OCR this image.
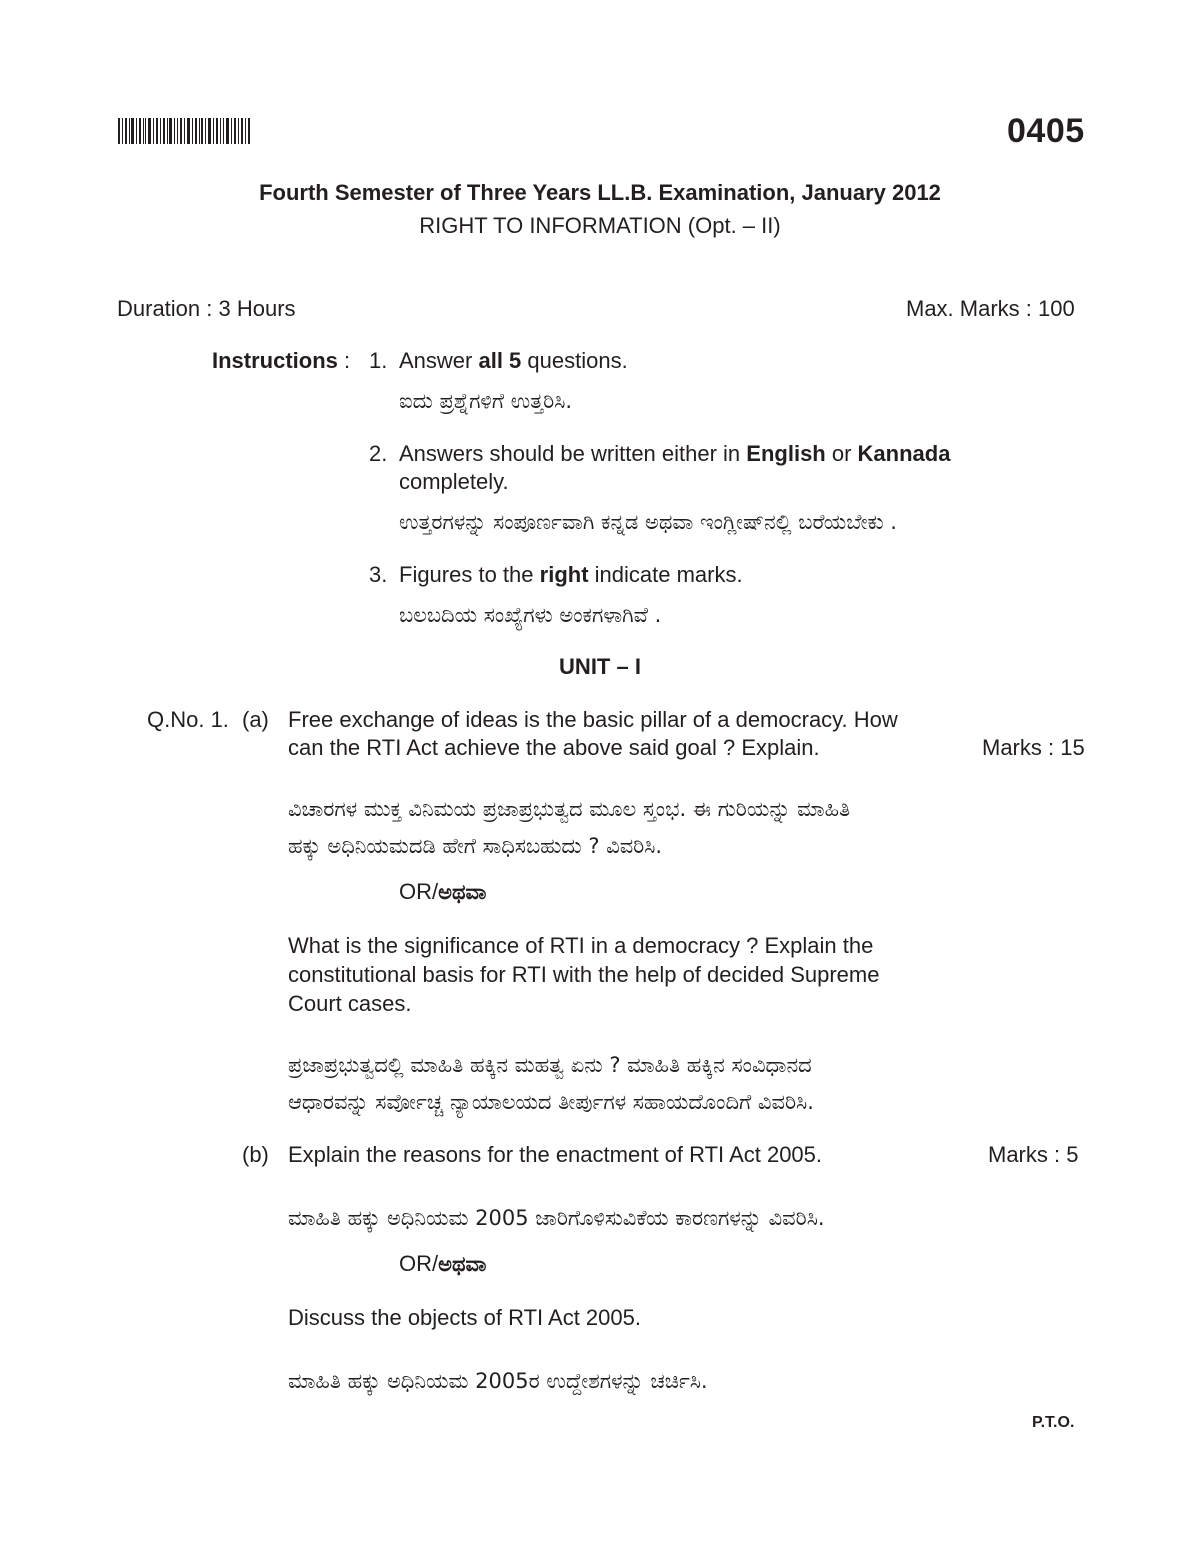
0405
Fourth Semester of Three Years LL.B. Examination, January 2012
RIGHT TO INFORMATION (Opt. – II)
Duration : 3 Hours	Max. Marks : 100
Instructions : 1. Answer all 5 questions.
ಐದು ಪ್ರಶ್ನೆಗಳಿಗೆ ಉತ್ತರಿಸಿ.
2. Answers should be written either in English or Kannada
completely.
ಉತ್ತರಗಳನ್ನು ಸಂಪೂರ್ಣವಾಗಿ ಕನ್ನಡ ಅಥವಾ ಇಂಗ್ಲೀಷ್‌ನಲ್ಲಿ ಬರೆಯಬೇಕು .
3. Figures to the right indicate marks.
ಬಲಬದಿಯ ಸಂಖ್ಯೆಗಳು ಅಂಕಗಳಾಗಿವೆ .
UNIT – I
Q.No. 1. (a) Free exchange of ideas is the basic pillar of a democracy. How
can the RTI Act achieve the above said goal ? Explain.	Marks : 15
ವಿಚಾರಗಳ ಮುಕ್ತ ವಿನಿಮಯ ಪ್ರಜಾಪ್ರಭುತ್ವದ ಮೂಲ ಸ್ತಂಭ. ಈ ಗುರಿಯನ್ನು ಮಾಹಿತಿ
ಹಕ್ಕು ಅಧಿನಿಯಮದಡಿ ಹೇಗೆ ಸಾಧಿಸಬಹುದು ? ವಿವರಿಸಿ.
OR/ಅಥವಾ
What is the significance of RTI in a democracy ? Explain the
constitutional basis for RTI with the help of decided Supreme
Court cases.
ಪ್ರಜಾಪ್ರಭುತ್ವದಲ್ಲಿ ಮಾಹಿತಿ ಹಕ್ಕಿನ ಮಹತ್ವ ಏನು ? ಮಾಹಿತಿ ಹಕ್ಕಿನ ಸಂವಿಧಾನದ
ಆಧಾರವನ್ನು ಸರ್ವೋಚ್ಚ ನ್ಯಾಯಾಲಯದ ತೀರ್ಪುಗಳ ಸಹಾಯದೊಂದಿಗೆ ವಿವರಿಸಿ.
(b) Explain the reasons for the enactment of RTI Act 2005.	Marks : 5
ಮಾಹಿತಿ ಹಕ್ಕು ಅಧಿನಿಯಮ 2005 ಜಾರಿಗೊಳಿಸುವಿಕೆಯ ಕಾರಣಗಳನ್ನು ವಿವರಿಸಿ.
OR/ಅಥವಾ
Discuss the objects of RTI Act 2005.
ಮಾಹಿತಿ ಹಕ್ಕು ಅಧಿನಿಯಮ 2005ರ ಉದ್ದೇಶಗಳನ್ನು ಚರ್ಚಿಸಿ.
P.T.O.
